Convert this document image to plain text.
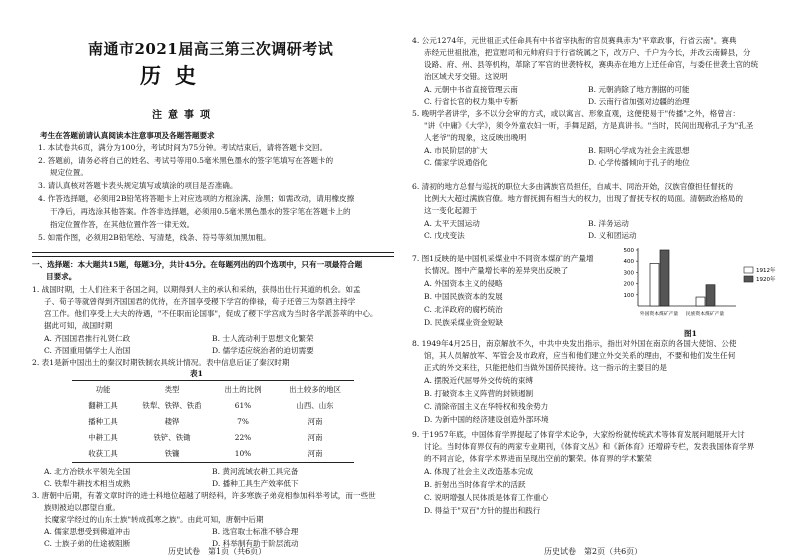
南通市2021届高三第三次调研考试
历史
注意事项
考生在答题前请认真阅读本注意事项及各题答题要求
1. 本试卷共6页，满分为100分，考试时间为75分钟。考试结束后，请将答题卡交回。
2. 答题前，请务必将自己的姓名、考试号等用0.5毫米黑色墨水的签字笔填写在答题卡的
规定位置。
3. 请认真核对答题卡表头规定填写或填涂的项目是否准确。
4. 作答选择题，必须用2B铅笔将答题卡上对应选项的方框涂满、涂黑；如需改动，请用橡皮擦
干净后，再选涂其他答案。作答非选择题，必须用0.5毫米黑色墨水的签字笔在答题卡上的
指定位置作答，在其他位置作答一律无效。
5. 如需作图，必须用2B铅笔绘、写清楚，线条、符号等须加黑加粗。
一、选择题：本大题共15题，每题3分，共计45分。在每题列出的四个选项中，只有一项最符合题
目要求。
1. 战国时期，士人们往来于各国之间，以期得到人主的承认和采纳，获得出仕行其道的机会。如孟
子、荀子等就曾得到齐国国君的优待，在齐国享受稷下学宫的俸禄，荀子还曾三为祭酒主持学
宫工作。他们享受上大夫的待遇，"不任职而论国事"，促成了稷下学宫成为当时各学派荟萃的中心。
据此可知，战国时期
A. 齐国国君推行礼贤仁政	B. 士人流动利于思想文化繁荣
C. 齐国重用儒学士人治国	D. 儒学适应统治者的迫切需要
2. 表1是新中国出土的秦汉时期铁制农具统计情况。表中信息后证了秦汉时期
表1
功能	类型	出土的比例	出土较多的地区
翻耕工具	铁犁、铁铧、铁臿	61%	山西、山东
播种工具	耧铧	7%	河南
中耕工具	铁铲、铁锄	22%	河南
收获工具	铁镰	10%	河南
A. 北方冶铁水平领先全国	B. 黄河流域农耕工具完备
C. 铁犁牛耕技术相当成熟	D. 播种工具生产效率低下
3. 唐朝中后期，有著文章时许的进士科地位超越了明经科，许多寒族子弟竞相参加科举考试，而一些世
族则被迫以郡望自重。
长魔家学经过的山东士族"转成孤寒之族"。由此可知，唐朝中后期
A. 儒家思想受到佛道冲击	B. 选官取士标准不够合理
C. 士族子弟的仕途被阻断	D. 科举制有助于阶层流动
历史试卷　第1页（共6页）
4. 公元1274年，元世祖正式任命具有中书省宰执衔的官员赛典赤为"平章政事，行省云南"。赛典
赤经元世祖批准，把宣慰司和元帅府归于行省统属之下，改万户、千户为今长，并改云南僻县，分
设路、府、州、县等机构，革除了军官的世袭特权，赛典赤在地方上迁任命官，与委任世袭土官的统
治区域犬牙交错。这说明
A. 元朝中书省直接管理云南	B. 元朝消除了地方割据的可能
C. 行省长官的权力集中专断	D. 云南行省加强对边疆的治理
5. 晚明学者讲学，多不以分会审的方式，或以寓言、形象直观，这便使易于"传播"之外，格曾言：
"讲《中庸》《大学》，须令外童农妇一听，手舞足蹈，方是真讲书。"当时，民间出现称孔子为"孔圣
人老爷"的现象，这反映出晚明
A. 市民阶层的扩大	B. 阳明心学成为社会主流思想
C. 儒家学说通俗化	D. 心学传播倾向于孔子的地位
6. 清初的地方总督与巡抚的职位大多由满族官员担任，自咸丰、同治开始，汉族官僚担任督抚的
比例大大超过满族官僚。地方督抚拥有相当大的权力，出现了督抚专权的局面。清朝政治格局的
这一变化起源于
A. 太平天国运动	B. 洋务运动
C. 戊戌变法	D. 义和团运动
7. 图1反映的是中国机采煤业中不同资本煤矿的产量增
长情况。图中产量增长率的差异突出反映了
A. 外国资本主义的侵略
B. 中国民族资本的发展
C. 北洋政府的腐朽统治
D. 民族采煤业资金短缺
500
400
300
200
100
外国资本煤矿产量 民族资本煤矿产量
1912年
1920年
图1
8. 1949年4月25日，南京解放不久，中共中央发出指示，指出对外国在南京的各国大使馆、公使
馆，其人员解放军、军管会及市政府，应当和他们建立外交关系的理由，不要和他们发生任何
正式的外交来往，只能把他们当做外国侨民接待。这一指示的主要目的是
A. 摆脱近代屈辱外交传统的束缚
B. 打破资本主义阵营的封锁遏制
C. 清除帝国主义在华特权和残余势力
D. 为新中国的经济建设创造外部环境
9. 于1957年底，中国体育学界提起了体育学术论争，大家纷纷就传统武术等体育发展问题展开大讨
讨论。当时体育界仅有的两家专业期刊，《体育文丛》和《新体育》还增辟专栏，发表我国体育学界
的不同言论，体育学术界进而呈现出空前的繁荣。体育界的学术繁荣
A. 体现了社会主义改造基本完成
B. 折射出当时体育学术的活跃
C. 说明增强人民体质是体育工作重心
D. 得益于"双百"方针的提出和践行
历史试卷　第2页（共6页）
